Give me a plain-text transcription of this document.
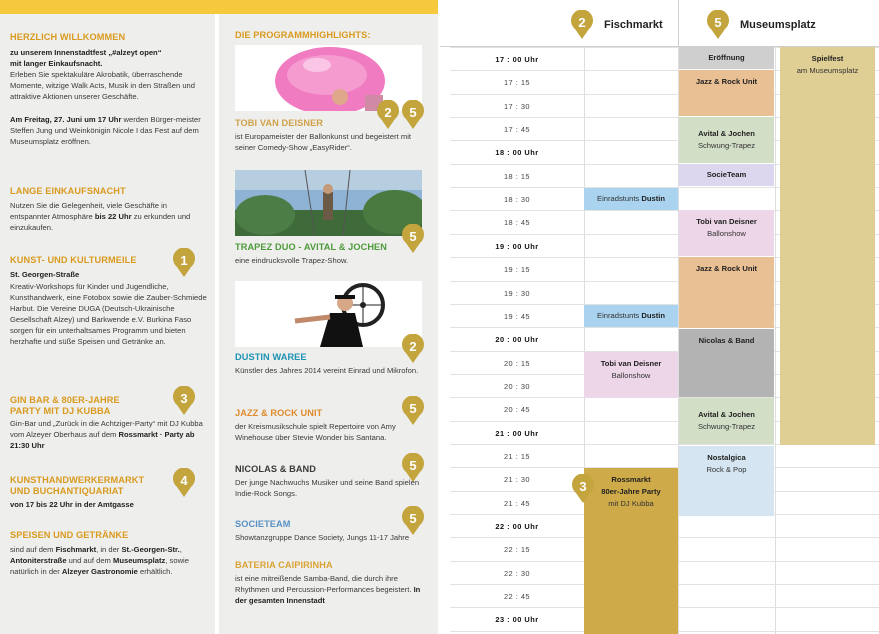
HERZLICH WILLKOMMEN
zu unserem Innenstadtfest „#alzeyt open“
mit langer Einkaufsnacht.
Erleben Sie spektakuläre Akrobatik, überraschende Momente, witzige Walk Acts, Musik in den Straßen und attraktive Aktionen unserer Geschäfte.
Am Freitag, 27. Juni um 17 Uhr werden Bürger-meister Steffen Jung und Weinkönigin Nicole I das Fest auf dem Museumsplatz eröffnen.
LANGE EINKAUFSNACHT
Nutzen Sie die Gelegenheit, viele Geschäfte in entspannter Atmosphäre bis 22 Uhr zu erkunden und einzukaufen.
KUNST- UND KULTURMEILE
St. Georgen-Straße
Kreativ-Workshops für Kinder und Jugendliche, Kunsthandwerk, eine Fotobox sowie die Zauber-Schmiede Harbut. Die Vereine DUGA (Deutsch-Ukrainische Gesellschaft Alzey) und Barkwende e.V. Burkina Faso sorgen für ein unterhaltsames Programm und bieten herzhafte und süße Speisen und Getränke an.
1
GIN BAR & 80ER-JAHRE
PARTY MIT DJ KUBBA
Gin-Bar und „Zurück in die Achtziger-Party“ mit DJ Kubba vom Alzeyer Oberhaus auf dem Rossmarkt · Party ab 21:30 Uhr
3
KUNSTHANDWERKERMARKT
UND BUCHANTIQUARIAT
von 17 bis 22 Uhr in der Amtgasse
4
SPEISEN UND GETRÄNKE
sind auf dem Fischmarkt, in der St.-Georgen-Str., Antoniterstraße und auf dem Museumsplatz, sowie natürlich in der Alzeyer Gastronomie erhältlich.
DIE PROGRAMMHIGHLIGHTS:
2 5
TOBI VAN DEISNER
ist Europameister der Ballonkunst und begeistert mit seiner Comedy-Show „EasyRider“.
5
TRAPEZ DUO - AVITAL & JOCHEN
eine eindrucksvolle Trapez-Show.
2
DUSTIN WAREE
Künstler des Jahres 2014 vereint Einrad und Mikrofon.
5
JAZZ & ROCK UNIT
der Kreismusikschule spielt Repertoire von Amy Winehouse über Stevie Wonder bis Santana.
5
NICOLAS & BAND
Der junge Nachwuchs Musiker und seine Band spielen Indie-Rock Songs.
5
SOCIETEAM
Showtanzgruppe Dance Society, Jungs 11-17 Jahre
BATERIA CAIPIRINHA
ist eine mitreißende Samba-Band, die durch ihre Rhythmen und Percussion-Performances begeistert. In der gesamten Innenstadt
2 Fischmarkt	5 Museumsplatz
17 : 00 Uhr
17 : 15
17 : 30
17 : 45
18 : 00 Uhr
18 : 15
18 : 30
18 : 45
19 : 00 Uhr
19 : 15
19 : 30
19 : 45
20 : 00 Uhr
20 : 15
20 : 30
20 : 45
21 : 00 Uhr
21 : 15
21 : 30
21 : 45
22 : 00 Uhr
22 : 15
22 : 30
22 : 45
23 : 00 Uhr
Eröffnung
Jazz & Rock Unit
Avital & Jochen
Schwung-Trapez
SocieTeam
Tobi van Deisner
Ballonshow
Jazz & Rock Unit
Nicolas & Band
Avital & Jochen
Schwung-Trapez
Nostalgica
Rock & Pop
Spielfest
am Museumsplatz
Einradstunts Dustin
Einradstunts Dustin
Tobi van Deisner
Ballonshow
Rossmarkt
80er-Jahre Party
mit DJ Kubba
3
